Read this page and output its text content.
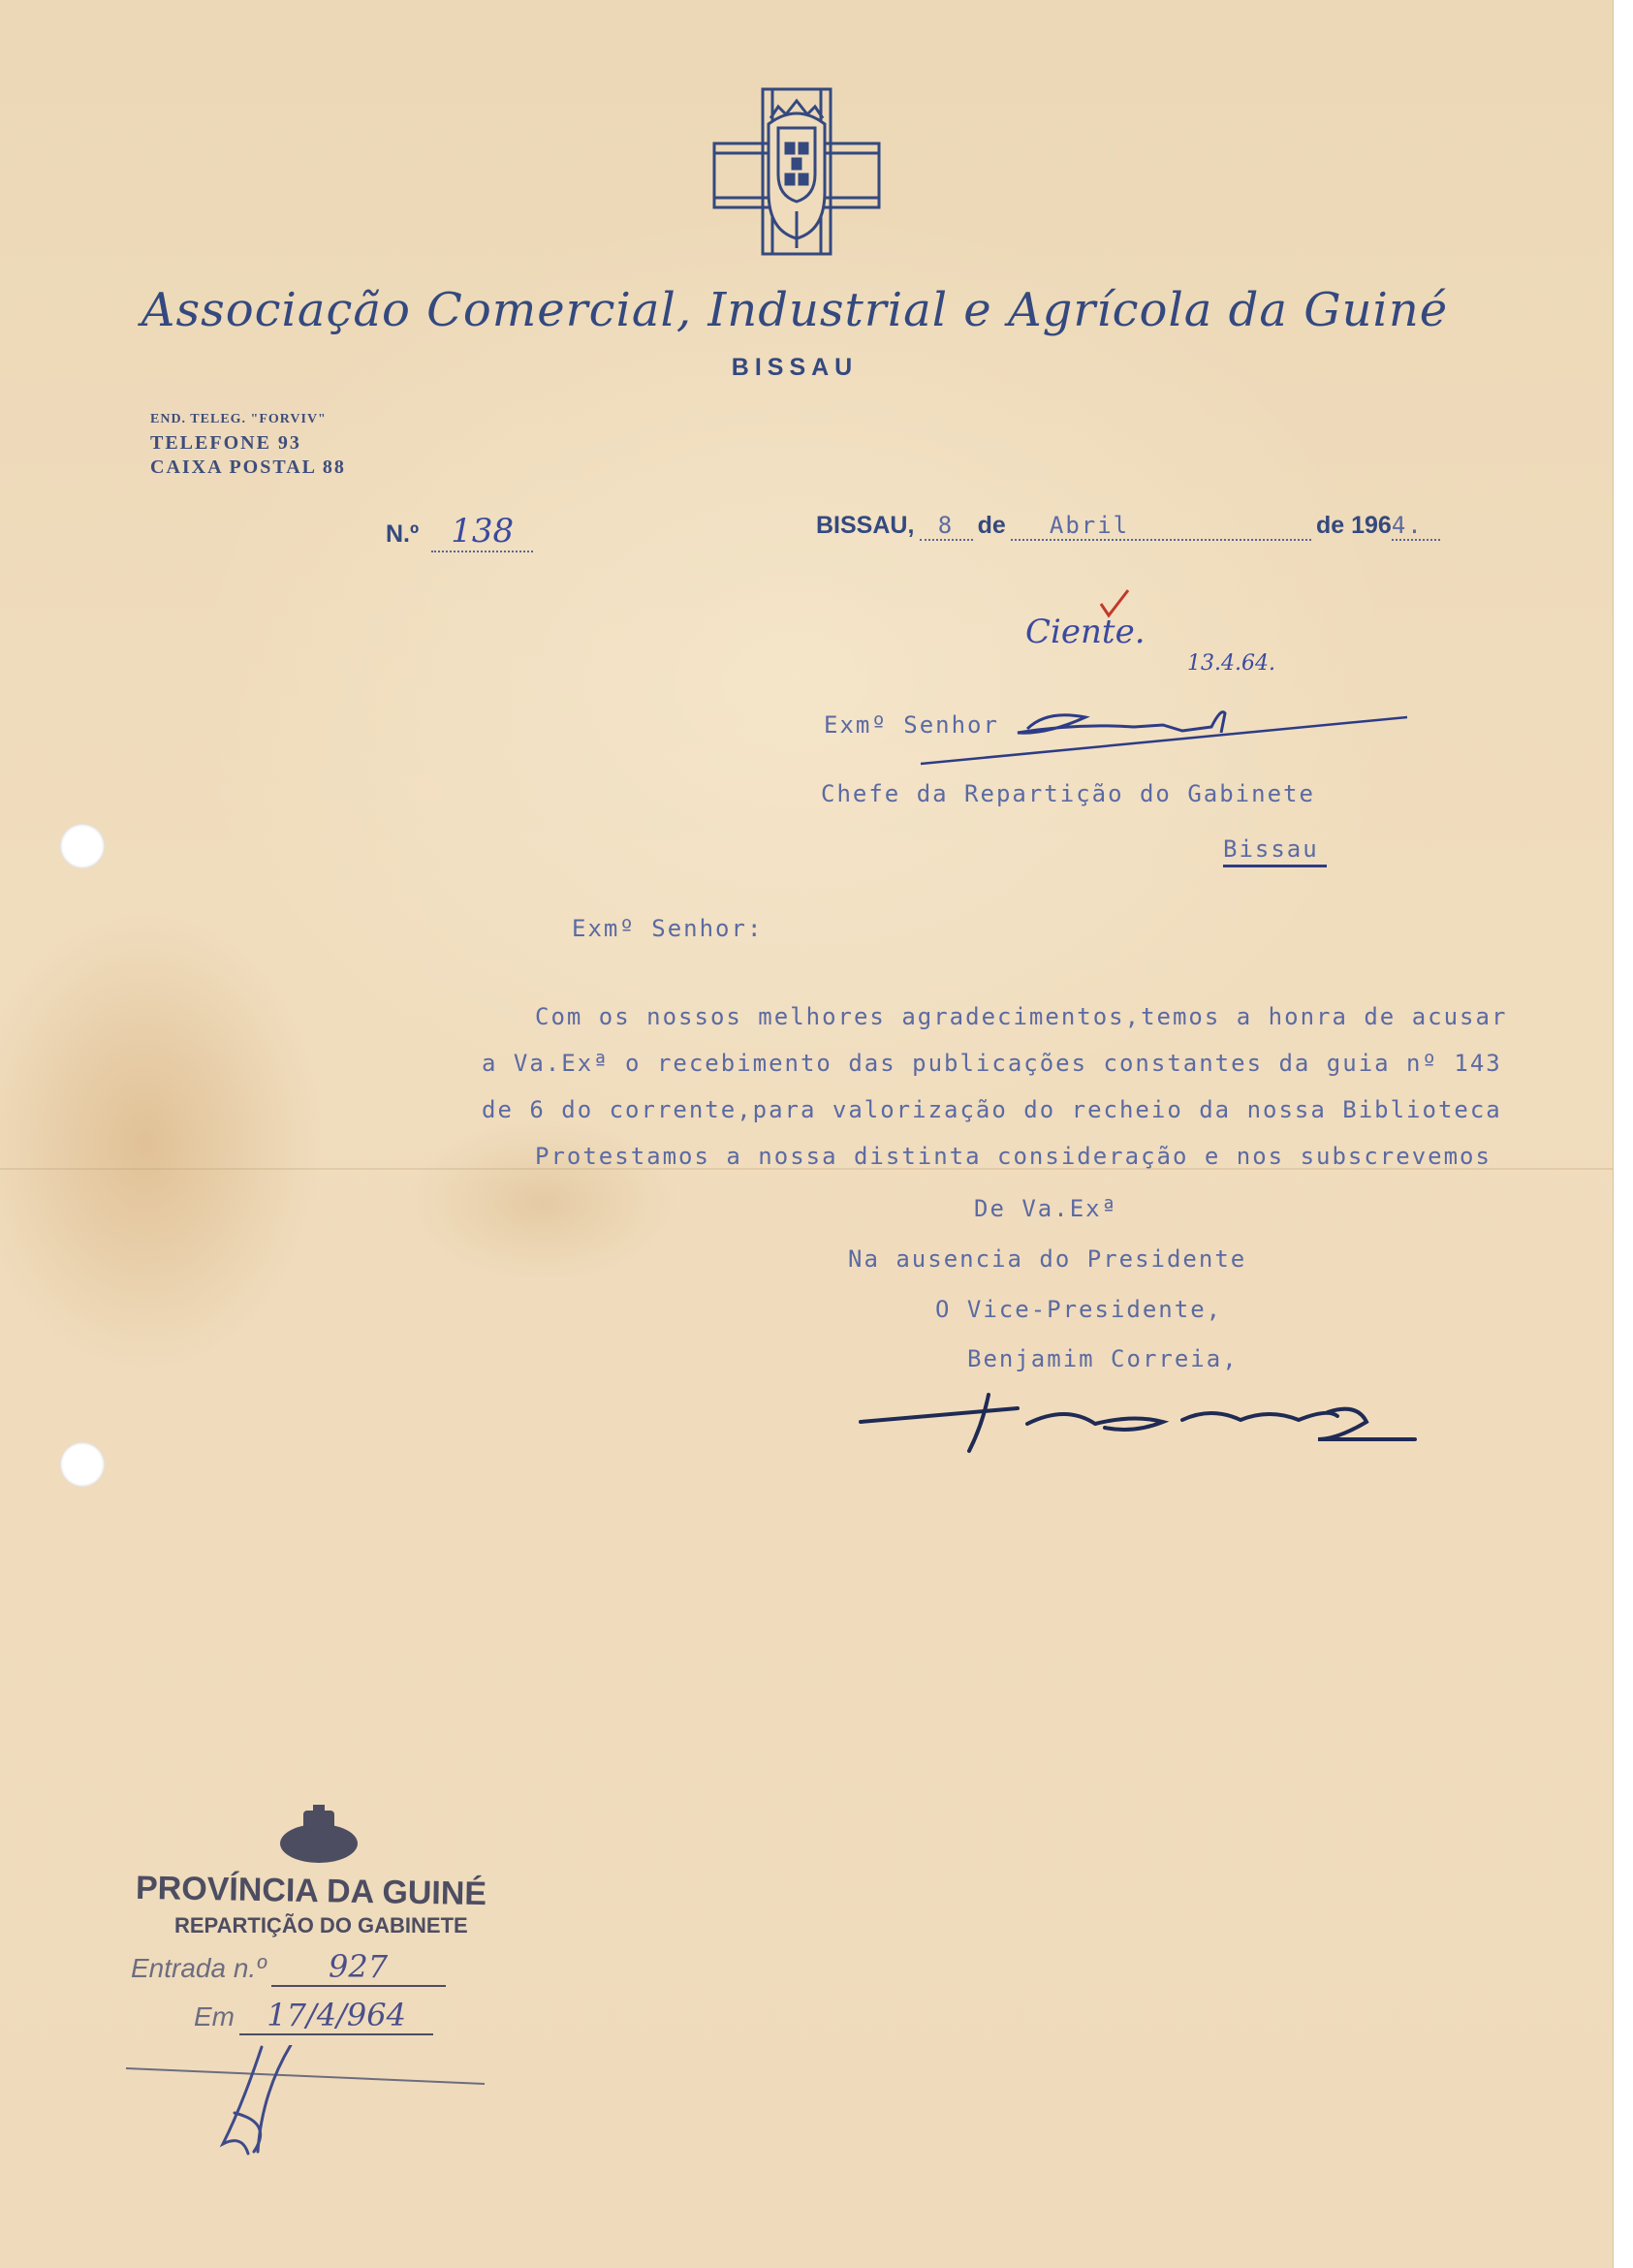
Associação Comercial, Industrial e Agrícola da Guiné
BISSAU
END. TELEG. "FORVIV"
TELEFONE 93
CAIXA POSTAL 88
N.º 138	BISSAU, 8 de Abril	de 1964.
Ciente.
13.4.64.
Exmº Senhor
Chefe da Repartição do Gabinete
Bissau
Exmº Senhor:
Com os nossos melhores agradecimentos,temos a honra de acusar
a Va.Exª o recebimento das publicações constantes da guia nº 143
de 6 do corrente,para valorização do recheio da nossa Biblioteca
Protestamos a nossa distinta consideração e nos subscrevemos
De Va.Exª
Na ausencia do Presidente
O Vice-Presidente,
Benjamim Correia,
PROVÍNCIA DA GUINÉ
REPARTIÇÃO DO GABINETE
Entrada n.º 927
Em 17/4/964
